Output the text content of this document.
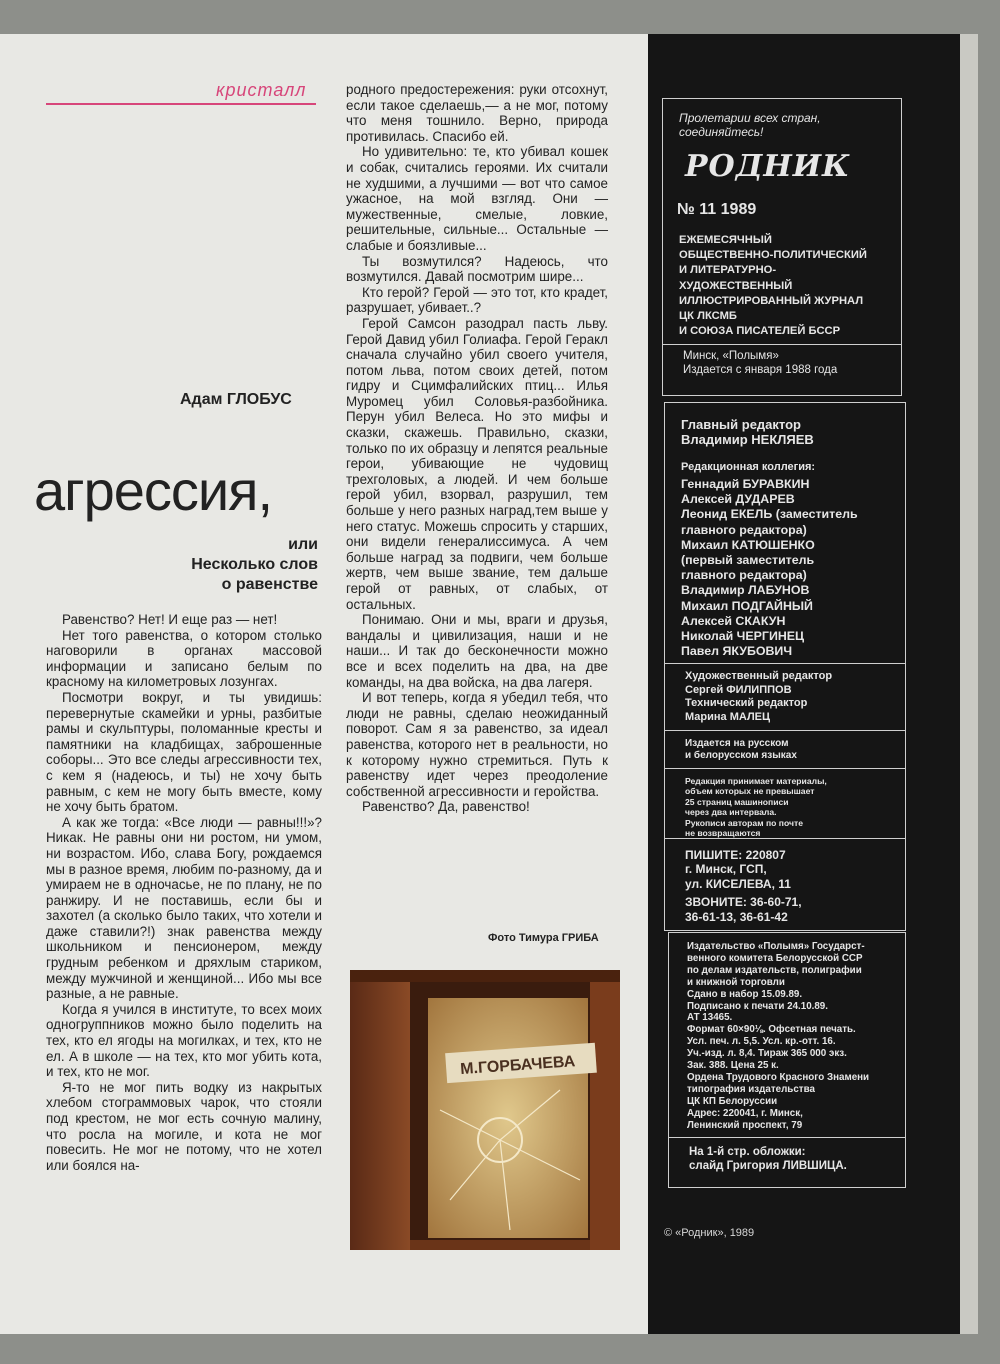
кристалл
Адам ГЛОБУС
агрессия,
или
Несколько слов
о равенстве

Равенство? Нет! И еще раз — нет!

Нет того равенства, о котором столько наговорили в органах массовой информации и записано белым по красному на километровых лозунгах.

Посмотри вокруг, и ты увидишь: перевернутые скамейки и урны, разбитые рамы и скульптуры, поломанные кресты и памятники на кладбищах, заброшенные соборы... Это все следы агрессивности тех, с кем я (надеюсь, и ты) не хочу быть равным, с кем не могу быть вместе, кому не хочу быть братом.

А как же тогда: «Все люди — равны!!!»? Никак. Не равны они ни ростом, ни умом, ни возрастом. Ибо, слава Богу, рождаемся мы в разное время, любим по-разному, да и умираем не в одночасье, не по плану, не по ранжиру. И не поставишь, если бы и захотел (а сколько было таких, что хотели и даже ставили?!) знак равенства между школьником и пенсионером, между грудным ребенком и дряхлым стариком, между мужчиной и женщиной... Ибо мы все разные, а не равные.

Когда я учился в институте, то всех моих одногруппников можно было поделить на тех, кто ел ягоды на могилках, и тех, кто не ел. А в школе — на тех, кто мог убить кота, и тех, кто не мог.

Я-то не мог пить водку из накрытых хлебом стограммовых чарок, что стояли под крестом, не мог есть сочную малину, что росла на могиле, и кота не мог повесить. Не мог не потому, что не хотел или боялся на-

родного предостережения: руки отсохнут, если такое сделаешь,— а не мог, потому что меня тошнило. Верно, природа противилась. Спасибо ей.

Но удивительно: те, кто убивал кошек и собак, считались героями. Их считали не худшими, а лучшими — вот что самое ужасное, на мой взгляд. Они — мужественные, смелые, ловкие, решительные, сильные... Остальные — слабые и боязливые...

Ты возмутился? Надеюсь, что возмутился. Давай посмотрим шире...

Кто герой? Герой — это тот, кто крадет, разрушает, убивает..?

Герой Самсон разодрал пасть льву. Герой Давид убил Голиафа. Герой Геракл сначала случайно убил своего учителя, потом льва, потом своих детей, потом гидру и Сцимфалийских птиц... Илья Муромец убил Соловья-разбойника. Перун убил Велеса. Но это мифы и сказки, скажешь. Правильно, сказки, только по их образцу и лепятся реальные герои, убивающие не чудовищ трехголовых, а людей. И чем больше герой убил, взорвал, разрушил, тем больше у него разных наград,тем выше у него статус. Можешь спросить у старших, они видели генералиссимуса. А чем больше наград за подвиги, чем больше жертв, чем выше звание, тем дальше герой от равных, от слабых, от остальных.

Понимаю. Они и мы, враги и друзья, вандалы и цивилизация, наши и не наши... И так до бесконечности можно все и всех поделить на два, на две команды, на два войска, на два лагеря.

И вот теперь, когда я убедил тебя, что люди не равны, сделаю неожиданный поворот. Сам я за равенство, за идеал равенства, которого нет в реальности, но к которому нужно стремиться. Путь к равенству идет через преодоление собственной агрессивности и геройства.

Равенство? Да, равенство!

Фото Тимура ГРИБА
М.ГОРБАЧЕВА
Пролетарии всех стран, соединяйтесь!
РОДНИК
№ 11 1989
ЕЖЕМЕСЯЧНЫЙ
ОБЩЕСТВЕННО-ПОЛИТИЧЕСКИЙ
И ЛИТЕРАТУРНО-
ХУДОЖЕСТВЕННЫЙ
ИЛЛЮСТРИРОВАННЫЙ ЖУРНАЛ
ЦК ЛКСМБ
И СОЮЗА ПИСАТЕЛЕЙ БССР
Минск, «Полымя»
Издается с января 1988 года
Главный редактор
Владимир НЕКЛЯЕВ
Редакционная коллегия:
Геннадий БУРАВКИН
Алексей ДУДАРЕВ
Леонид ЕКЕЛЬ (заместитель
главного редактора)
Михаил КАТЮШЕНКО
(первый заместитель
главного редактора)
Владимир ЛАБУНОВ
Михаил ПОДГАЙНЫЙ
Алексей СКАКУН
Николай ЧЕРГИНЕЦ
Павел ЯКУБОВИЧ
Художественный редактор
Сергей ФИЛИППОВ
Технический редактор
Марина МАЛЕЦ
Издается на русском
и белорусском языках
Редакция принимает материалы,
объем которых не превышает
25 страниц машинописи
через два интервала.
Рукописи авторам по почте
не возвращаются
ПИШИТЕ: 220807
г. Минск, ГСП,
ул. КИСЕЛЕВА, 11
ЗВОНИТЕ: 36-60-71,
36-61-13, 36-61-42
Издательство «Полымя» Государст-
венного комитета Белорусской ССР
по делам издательств, полиграфии
и книжной торговли
Сдано в набор 15.09.89.
Подписано к печати 24.10.89.
АТ 13465.
Формат 60×90⅛. Офсетная печать.
Усл. печ. л. 5,5. Усл. кр.-отт. 16.
Уч.-изд. л. 8,4. Тираж 365 000 экз.
Зак. 388. Цена 25 к.
Ордена Трудового Красного Знамени
типография издательства
ЦК КП Белоруссии
Адрес: 220041, г. Минск,
Ленинский проспект, 79
На 1-й стр. обложки:
слайд Григория ЛИВШИЦА.
© «Родник», 1989
